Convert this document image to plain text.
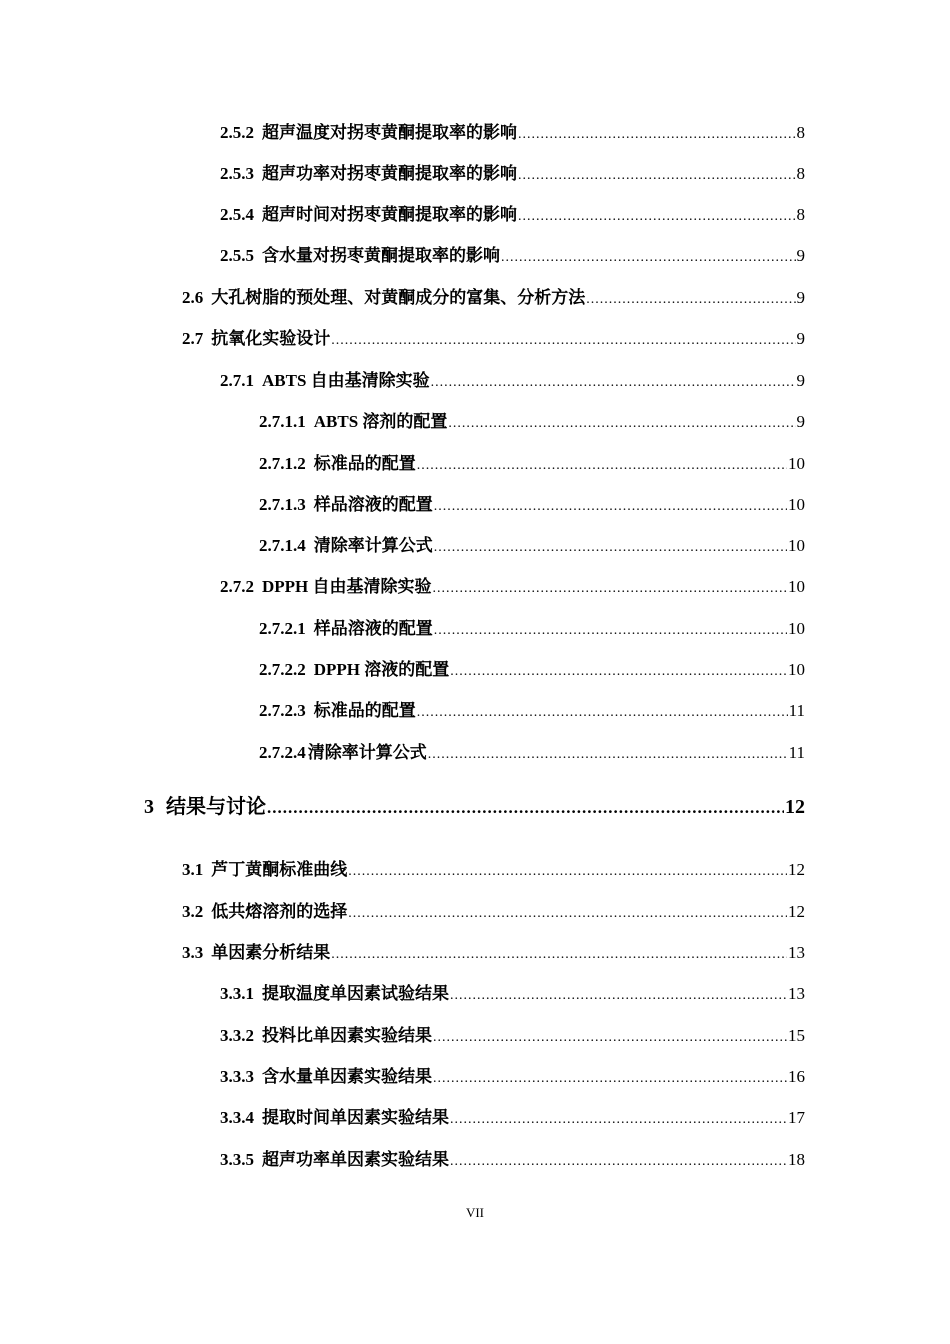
2.5.2 超声温度对拐枣黄酮提取率的影响 .....	8
2.5.3 超声功率对拐枣黄酮提取率的影响 .....	8
2.5.4 超声时间对拐枣黄酮提取率的影响 .....	8
2.5.5 含水量对拐枣黄酮提取率的影响 .....	9
2.6 大孔树脂的预处理、对黄酮成分的富集、分析方法 .....	9
2.7 抗氧化实验设计 .....	9
2.7.1 ABTS 自由基清除实验 .....	9
2.7.1.1 ABTS 溶剂的配置 .....	9
2.7.1.2 标准品的配置 .....	10
2.7.1.3 样品溶液的配置 .....	10
2.7.1.4 清除率计算公式 .....	10
2.7.2 DPPH 自由基清除实验 .....	10
2.7.2.1 样品溶液的配置 .....	10
2.7.2.2 DPPH 溶液的配置 .....	10
2.7.2.3 标准品的配置 .....	11
2.7.2.4 清除率计算公式 .....	11
3 结果与讨论 .....	12
3.1 芦丁黄酮标准曲线 .....	12
3.2 低共熔溶剂的选择 .....	12
3.3 单因素分析结果 .....	13
3.3.1 提取温度单因素试验结果 .....	13
3.3.2 投料比单因素实验结果 .....	15
3.3.3 含水量单因素实验结果 .....	16
3.3.4 提取时间单因素实验结果 .....	17
3.3.5 超声功率单因素实验结果 .....	18
VII
